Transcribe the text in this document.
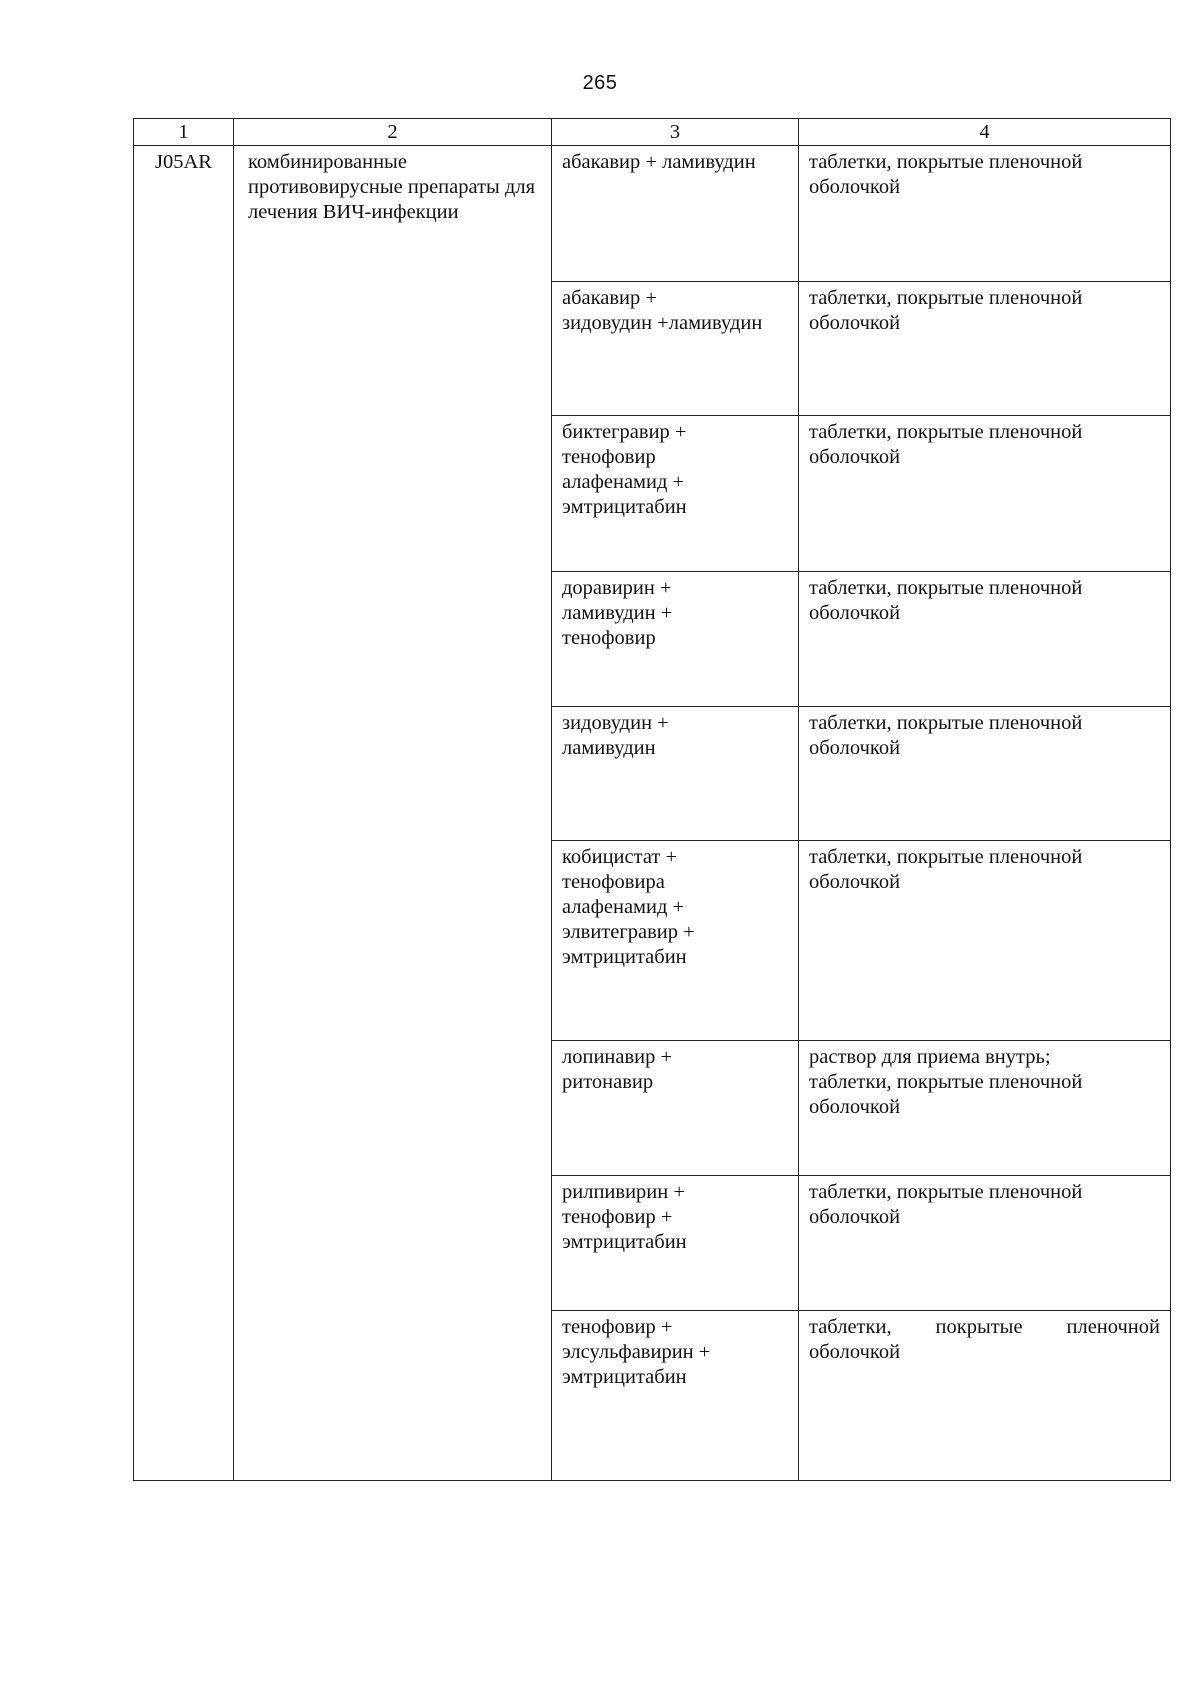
265
1	2	3	4
J05AR	комбинированные противовирусные препараты для лечения ВИЧ-инфекции	абакавир + ламивудин	таблетки, покрытые пленочной оболочкой
		абакавир +
зидовудин +ламивудин	таблетки, покрытые пленочной оболочкой
		биктегравир +
тенофовир
алафенамид +
эмтрицитабин	таблетки, покрытые пленочной оболочкой
		доравирин +
ламивудин +
тенофовир	таблетки, покрытые пленочной оболочкой
		зидовудин +
ламивудин	таблетки, покрытые пленочной оболочкой
		кобицистат +
тенофовира
алафенамид +
элвитегравир +
эмтрицитабин	таблетки, покрытые пленочной оболочкой
		лопинавир +
ритонавир	раствор для приема внутрь;
таблетки, покрытые пленочной оболочкой
		рилпивирин +
тенофовир +
эмтрицитабин	таблетки, покрытые пленочной оболочкой
		тенофовир +
элсульфавирин +
эмтрицитабин	таблетки, покрытые пленочной оболочкой
